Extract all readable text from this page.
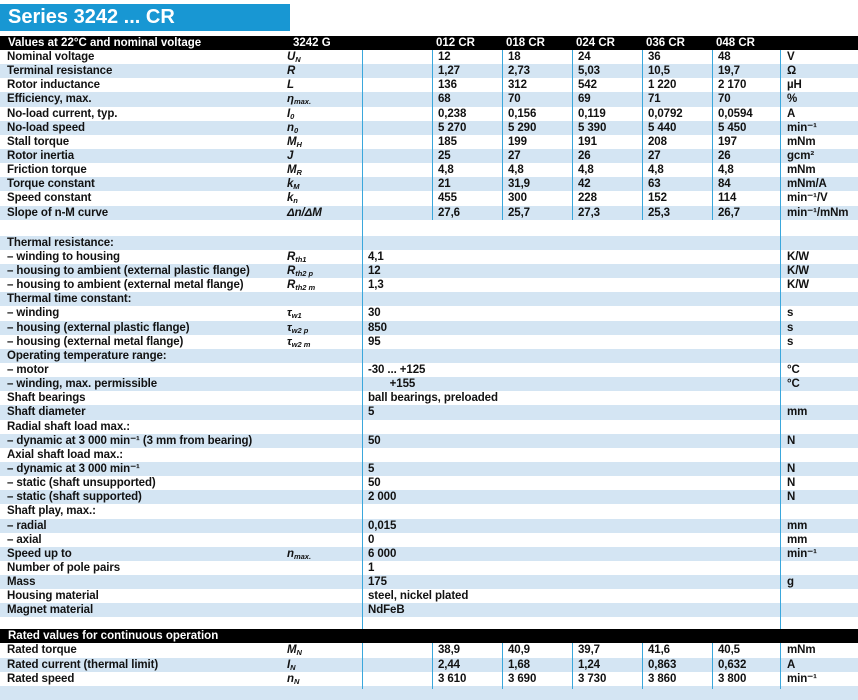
Series 3242 ... CR
Values at 22°C and nominal voltage	3242 G	012 CR	018 CR	024 CR	036 CR	048 CR
Nominal voltage	$U_N$	12	18	24	36	48	V
Terminal resistance	R	1,27	2,73	5,03	10,5	19,7	Ω
Rotor inductance	L	136	312	542	1 220	2 170	µH
Efficiency, max.	$\eta_{max.}$	68	70	69	71	70	%
No-load current, typ.	$I_0$	0,238	0,156	0,119	0,0792	0,0594	A
No-load speed	$n_0$	5 270	5 290	5 390	5 440	5 450	min⁻¹
Stall torque	$M_H$	185	199	191	208	197	mNm
Rotor inertia	J	25	27	26	27	26	gcm²
Friction torque	$M_R$	4,8	4,8	4,8	4,8	4,8	mNm
Torque constant	$k_M$	21	31,9	42	63	84	mNm/A
Speed constant	$k_n$	455	300	228	152	114	min⁻¹/V
Slope of n-M curve	Δn/ΔM	27,6	25,7	27,3	25,3	26,7	min⁻¹/mNm
Thermal resistance:
– winding to housing	$R_{th1}$	4,1	K/W
– housing to ambient (external plastic flange)	$R_{th2 p}$	12	K/W
– housing to ambient (external metal flange)	$R_{th2 m}$	1,3	K/W
Thermal time constant:
– winding	$\tau_{w1}$	30	s
– housing (external plastic flange)	$\tau_{w2 p}$	850	s
– housing (external metal flange)	$\tau_{w2 m}$	95	s
Operating temperature range:
– motor	-30 ... +125	°C
– winding, max. permissible	+155	°C
Shaft bearings	ball bearings, preloaded
Shaft diameter	5	mm
Radial shaft load max.:
– dynamic at 3 000 min⁻¹ (3 mm from bearing)	50	N
Axial shaft load max.:
– dynamic at 3 000 min⁻¹	5	N
– static (shaft unsupported)	50	N
– static (shaft supported)	2 000	N
Shaft play, max.:
– radial	0,015	mm
– axial	0	mm
Speed up to	$n_{max.}$	6 000	min⁻¹
Number of pole pairs	1
Mass	175	g
Housing material	steel, nickel plated
Magnet material	NdFeB
Rated values for continuous operation
Rated torque	$M_N$	38,9	40,9	39,7	41,6	40,5	mNm
Rated current (thermal limit)	$I_N$	2,44	1,68	1,24	0,863	0,632	A
Rated speed	$n_N$	3 610	3 690	3 730	3 860	3 800	min⁻¹
